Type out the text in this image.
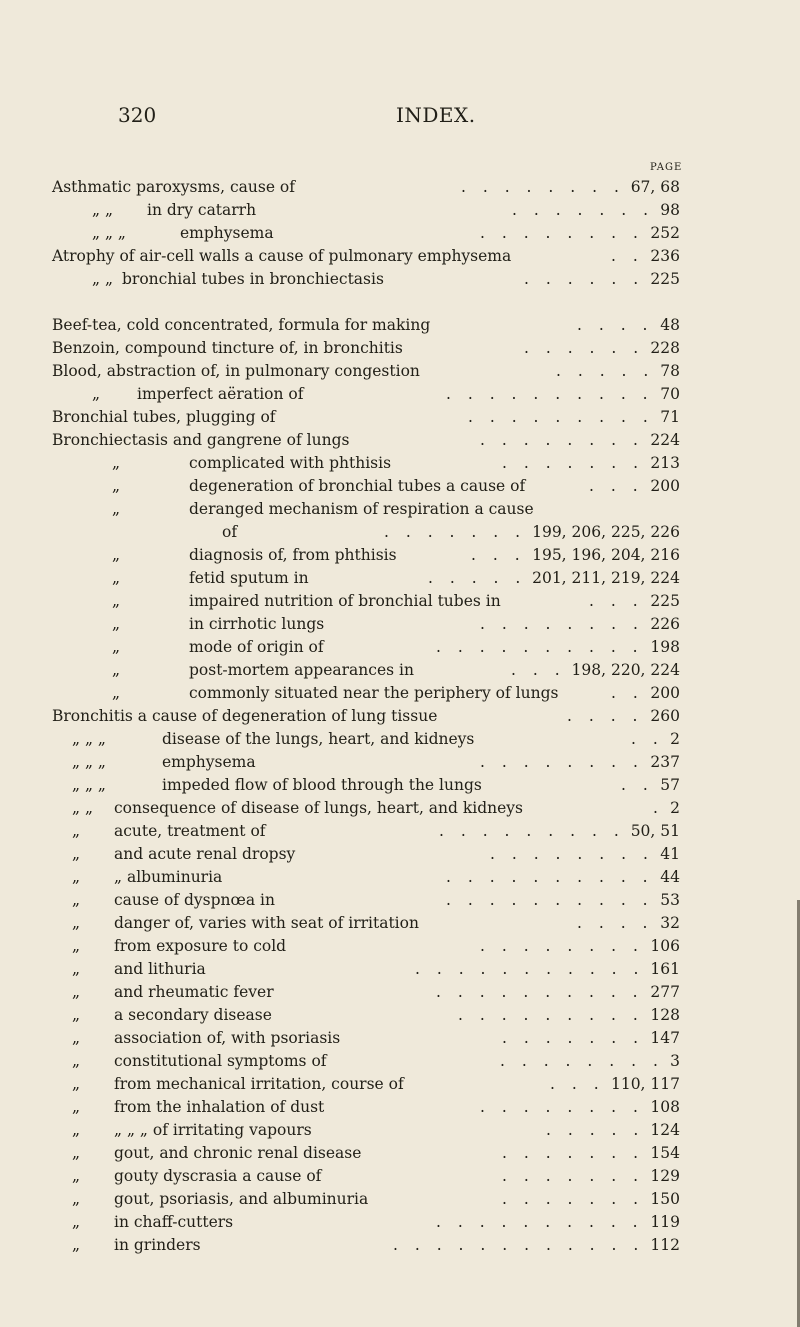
320	INDEX.
PAGE
Asthmatic paroxysms, cause of	67, 68
. . . . . . . .
„ „ in dry catarrh	98
. . . . . . .
„ „ „	emphysema	252
. . . . . . . .
Atrophy of air-cell walls a cause of pulmonary emphysema	236
. .
„ „ bronchial tubes in bronchiectasis	225
. . . . . .
Beef-tea, cold concentrated, formula for making	48
. . . .
Benzoin, compound tincture of, in bronchitis	228
. . . . . .
Blood, abstraction of, in pulmonary congestion	78
. . . . .
„ imperfect aëration of	70
. . . . . . . . . .
Bronchial tubes, plugging of	71
. . . . . . . . .
Bronchiectasis and gangrene of lungs	224
. . . . . . . .
„	complicated with phthisis	213
. . . . . . .
„	degeneration of bronchial tubes a cause of	200
. . .
„	deranged mechanism of respiration a cause
of	199, 206, 225, 226
. . . . . . .
„	diagnosis of, from phthisis	195, 196, 204, 216
. . .
„	fetid sputum in	201, 211, 219, 224
. . . . .
„	impaired nutrition of bronchial tubes in	225
. . .
„	in cirrhotic lungs	226
. . . . . . . .
„	mode of origin of	198
. . . . . . . . . .
„	post-mortem appearances in	198, 220, 224
. . .
„	commonly situated near the periphery of lungs	200
. .
Bronchitis a cause of degeneration of lung tissue	260
. . . .
„ „ „	disease of the lungs, heart, and kidneys	2
. .
„ „ „	emphysema	237
. . . . . . . .
„ „ „	impeded flow of blood through the lungs	57
. .
„ „ consequence of disease of lungs, heart, and kidneys	2
.
„ acute, treatment of	50, 51
. . . . . . . . .
„ and acute renal dropsy	41
. . . . . . . .
„ „ albuminuria	44
. . . . . . . . . .
„ cause of dyspnœa in	53
. . . . . . . . . .
„ danger of, varies with seat of irritation	32
. . . .
„ from exposure to cold	106
. . . . . . . .
„ and lithuria	161
. . . . . . . . . . .
„ and rheumatic fever	277
. . . . . . . . . .
„ a secondary disease	128
. . . . . . . . .
„ association of, with psoriasis	147
. . . . . . .
„ constitutional symptoms of	3
. . . . . . . .
„ from mechanical irritation, course of	110, 117
. . .
„ from the inhalation of dust	108
. . . . . . . .
„ „ „ „ of irritating vapours	124
. . . . .
„ gout, and chronic renal disease	154
. . . . . . .
„ gouty dyscrasia a cause of	129
. . . . . . .
„ gout, psoriasis, and albuminuria	150
. . . . . . .
„ in chaff-cutters	119
. . . . . . . . . .
„ in grinders	112
. . . . . . . . . . . .
